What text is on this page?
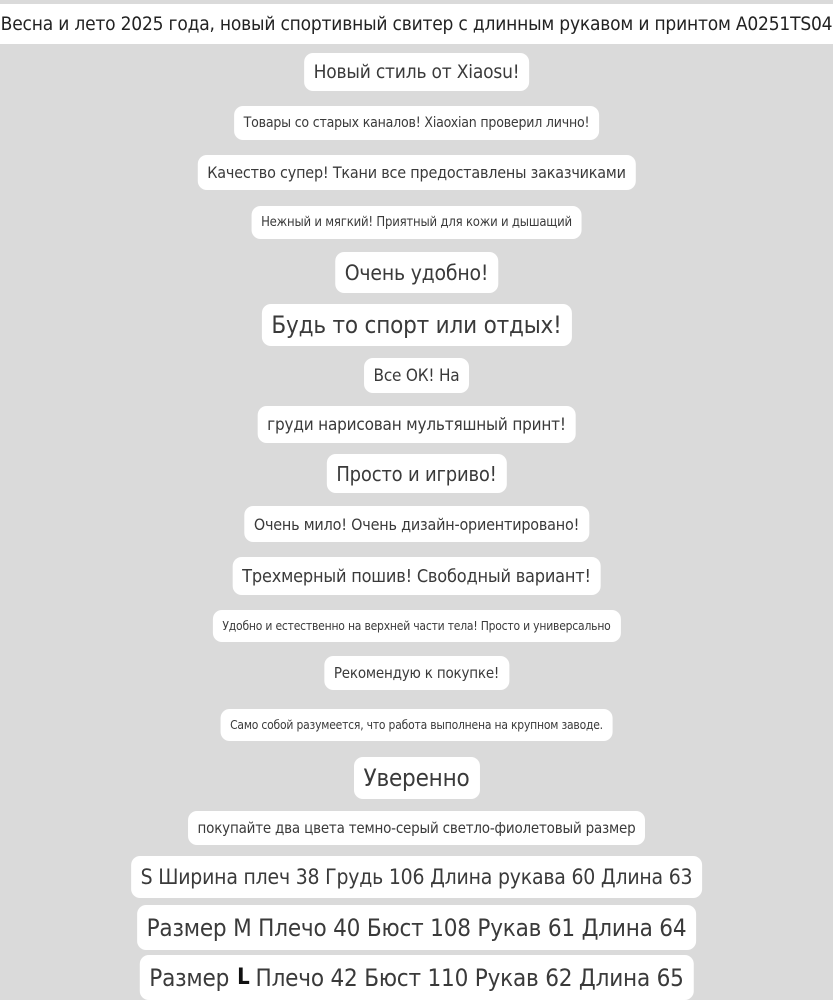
Весна и лето 2025 года, новый спортивный свитер с длинным рукавом и принтом A0251TS04
Новый стиль от Xiaosu!
Товары со старых каналов! Xiaoxian проверил лично!
Качество супер! Ткани все предоставлены заказчиками
Нежный и мягкий! Приятный для кожи и дышащий
Очень удобно!
Будь то спорт или отдых!
Все ОК! На
груди нарисован мультяшный принт!
Просто и игриво!
Очень мило! Очень дизайн-ориентировано!
Трехмерный пошив! Свободный вариант!
Удобно и естественно на верхней части тела! Просто и универсально
Рекомендую к покупке!
Само собой разумеется, что работа выполнена на крупном заводе.
Уверенно
покупайте два цвета темно-серый светло-фиолетовый размер
S Ширина плеч 38 Грудь 106 Длина рукава 60 Длина 63
Размер M Плечо 40 Бюст 108 Рукав 61 Длина 64
Размер L Плечо 42 Бюст 110 Рукав 62 Длина 65
